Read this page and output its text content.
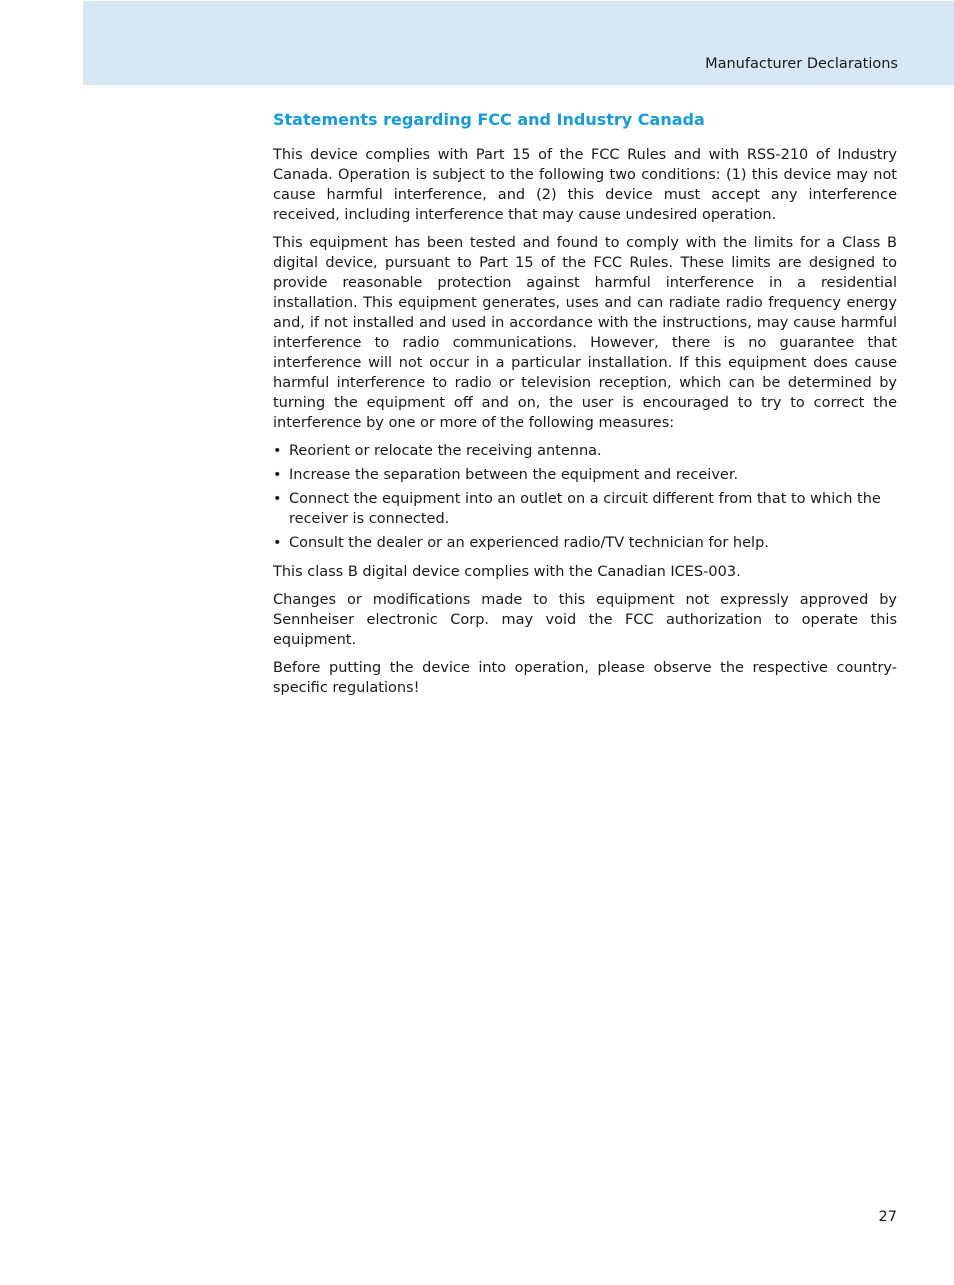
Manufacturer Declarations
Statements regarding FCC and Industry Canada

This device complies with Part 15 of the FCC Rules and with RSS-210 of Industry Canada. Operation is subject to the following two conditions: (1) this device may not cause harmful interference, and (2) this device must accept any interference received, including interference that may cause undesired operation.

This equipment has been tested and found to comply with the limits for a Class B digital device, pursuant to Part 15 of the FCC Rules. These limits are designed to provide reasonable protection against harmful interference in a residential installation. This equipment generates, uses and can radiate radio frequency energy and, if not installed and used in accordance with the instructions, may cause harmful interference to radio communications. However, there is no guarantee that interference will not occur in a particular installation. If this equipment does cause harmful interference to radio or television reception, which can be determined by turning the equipment off and on, the user is encouraged to try to correct the interference by one or more of the following measures:

• Reorient or relocate the receiving antenna.
• Increase the separation between the equipment and receiver.
• Connect the equipment into an outlet on a circuit different from that to which the receiver is connected.
• Consult the dealer or an experienced radio/TV technician for help.

This class B digital device complies with the Canadian ICES-003.

Changes or modifications made to this equipment not expressly approved by Sennheiser electronic Corp. may void the FCC authorization to operate this equipment.

Before putting the device into operation, please observe the respective country-specific regulations!

27
